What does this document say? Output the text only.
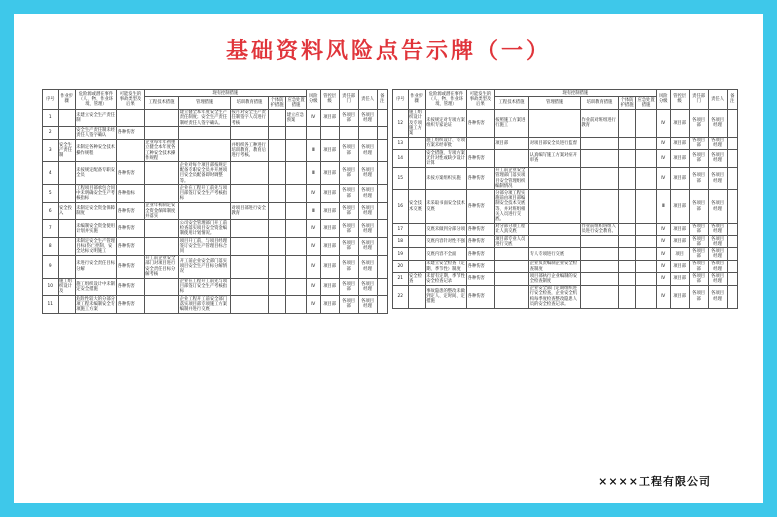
基础资料风险点告示牌（一）
序号	作业步骤	危险源或潜在事件（人、物、作业环境、管理）	可能发生的事故类型及后果	现有控制措施					风险分级	管控层级	责任部门	责任人	备注
				工程技术措施	管理措施	培训教育措施	个体防护措施	应急处置措施					
1		未建立安全生产责任制			建立健全本年度安全生产责任制度；安全生产责任制经责任人签字确认。	按月对安全生产责任制签字人员进行考核		建立应急预案	Ⅳ	项目部	各项目部	各项目经理	
2		安全生产责任制未经责任人签字确认	各种伤害										
3	安全生产责任制	未制定各种安全技术操作规程		企业每年年初重立健全本年度各工种安全技术操作规程		并组织各工种进行培训教育，教育后进行考核。			Ⅲ	项目部	各项目部	各项目经理	
4		未按规定配备专职安全员	各种伤害		企业对每个项目部按规定配备专职安全员并开展项目安全员配备即时调整等。				Ⅲ	项目部	各项目部	各项目经理	
5		工程项目部承包合同中未明确安全生产考核指标	各种指标		企业在工程开工前先与项目部签订安全生产考核指标				Ⅳ	项目部	各项目部	各项目经理	
6	安全投入	未制定安全资金保障制度	各种伤害	企业年初制定安全资金保障制度并落实		对项目部进行安全教育			Ⅲ	项目部	各项目部	各项目经理	
7		未编制安全资金使用计划并实施	各种伤害		公司安全管理部门开工前检查落实项目安全资金编制使用计划情况。				Ⅳ	项目部	各项目部	各项目经理	
8		未制定安全生产管理目标(伤亡控制、安全达标文明施工	各种伤害		项目开工前，与项目经理签订安全生产管理目标合同				Ⅳ	项目部	各项目部	各项目经理	
9		未进行安全责任目标分解	各种伤害	开工前企业安全部门对项目进行安全责任目标分解考核	开工前企业安全部门落实项目安全生产目标分解情况				Ⅳ	项目部	各项目部	各项目经理	
10	施工组织设计及	施工组织设计中未制定安全措施	各种伤害		企业在工程开工前先与项目部签订安全生产考核指标				Ⅳ	项目部	各项目部	各项目经理	
11		危险性较大的分部分项工程未编制安全专项施工方案	各种伤害		企业工程开工前安全部门落实项目部专项施工方案编制并进行交底				Ⅳ	项目部	各项目部	各项目经理	
序号	作业步骤	危险源或潜在事件（人、物、作业环境、管理）	可能发生的事故类型及后果	现有控制措施					风险分级	管控层级	责任部门	责任人	备注
				工程技术措施	管理措施	培训教育措施	个体防护措施	应急处置措施					
12	施工组织设计及专项施工方案	未按规定对专项方案组织专家论证	各种伤害	按照施工方案进行施工		作业前对班组进行教育			Ⅳ	项目部	各项目部	各项目经理	
13		施工组织设计、专项方案未经审批		项目部	对项目部安全员进行监督				Ⅳ	项目部	各项目部	各项目经理	
14		安全措施、专项方案无针对性或缺少设计计算	各种伤害		认真编写施工方案对症开审查				Ⅳ	项目部	各项目部	各项目经理	
15		未按方案组织实施	各种伤害	开工前企业安全管理部门落实项目安全管理组织编制情况					Ⅳ	项目部	各项目部	各项目经理	
16	安全技术交底	未采取书面安全技术交底	各种伤害	分部分项工程实施前由项目部编制安全技术交底等，并对班组相关人员进行交底。					Ⅲ	项目部	各项目部	各项目经理	
17		交底未做到分部分项	各种伤害	对分部分项工程让人真交底		作业前组织班组人员进行安全教育。			Ⅳ	项目部	各项目部	各项目经理	
18		交底内容针对性不强	各种伤害	项目部专业人员进行交底					Ⅳ	项目部	各项目部	各项目经理	
19		交底内容不全面	各种伤害		专人专项进行交底				Ⅳ	项目	各项目部	各项目经理	
20		未建立安全检查（定期、季节性）制度	各种伤害		企业负责编制企业安全检查制度				Ⅳ	项目部	各项目部	各项目经理	
21	安全检查	未留有定期、季节性安全检查记录	各种伤害		项目部执行企业编制的安全检查制度				Ⅳ	项目部	各项目部	各项目经理	
22		事故隐患的整改未做到定人、定时间、定措施	各种伤害		企业安全部门定期组织进行安全检查，企业安全机构每季度检查整改隐患人员的安全检查记录。				Ⅳ	项目部	各项目部	各项目经理	
××××工程有限公司
